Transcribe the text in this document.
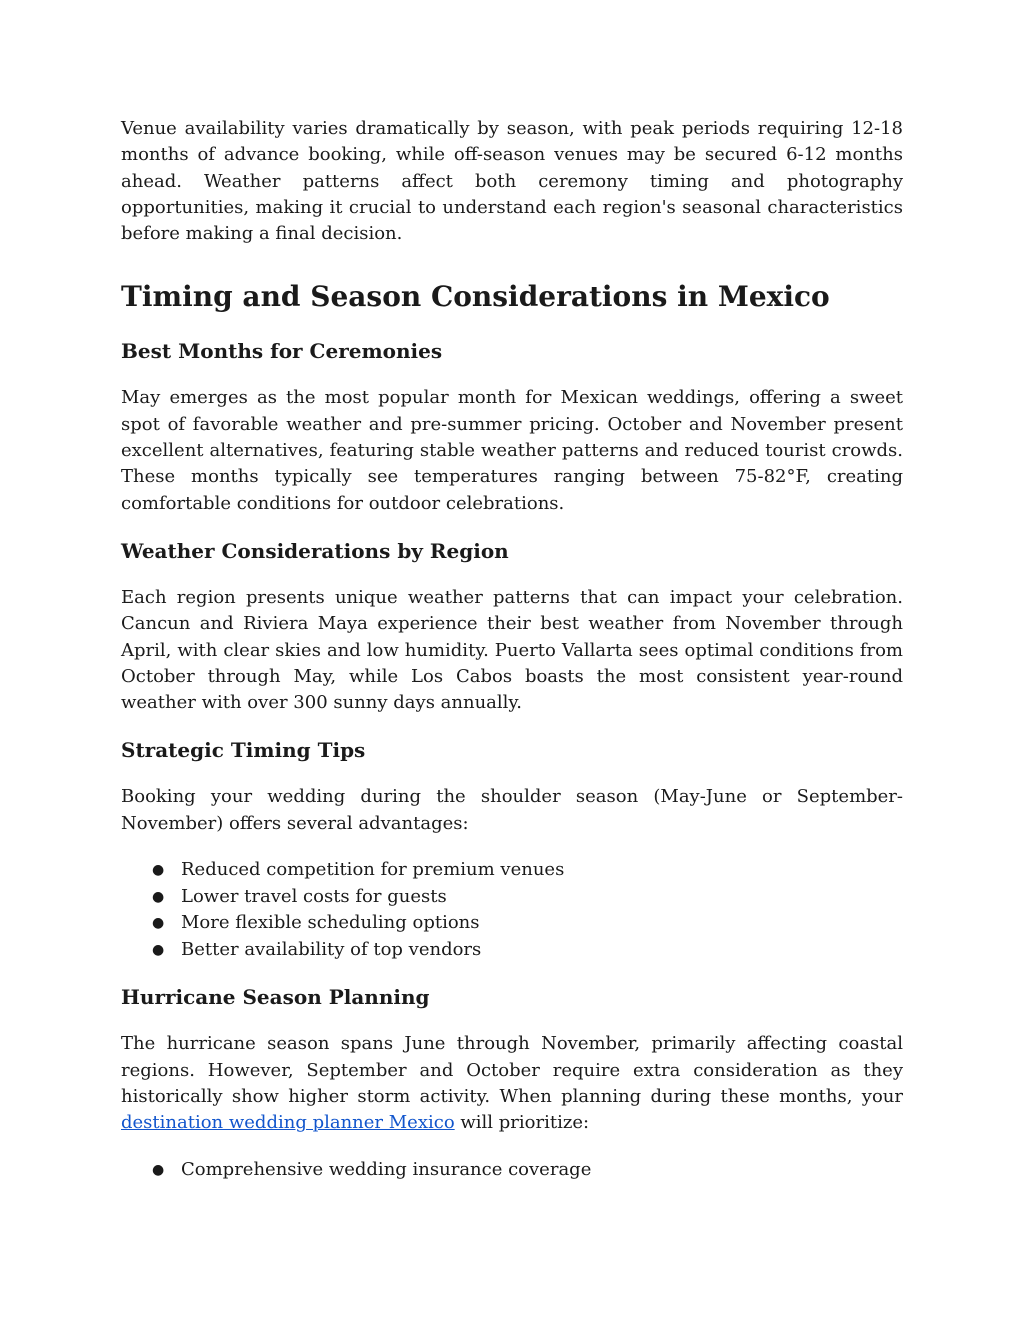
Venue availability varies dramatically by season, with peak periods requiring 12-18 months of advance booking, while off-season venues may be secured 6-12 months ahead. Weather patterns affect both ceremony timing and photography opportunities, making it crucial to understand each region's seasonal characteristics before making a final decision.

Timing and Season Considerations in Mexico
Best Months for Ceremonies

May emerges as the most popular month for Mexican weddings, offering a sweet spot of favorable weather and pre-summer pricing. October and November present excellent alternatives, featuring stable weather patterns and reduced tourist crowds. These months typically see temperatures ranging between 75-82°F, creating comfortable conditions for outdoor celebrations.

Weather Considerations by Region

Each region presents unique weather patterns that can impact your celebration. Cancun and Riviera Maya experience their best weather from November through April, with clear skies and low humidity. Puerto Vallarta sees optimal conditions from October through May, while Los Cabos boasts the most consistent year-round weather with over 300 sunny days annually.

Strategic Timing Tips

Booking your wedding during the shoulder season (May-June or September-November) offers several advantages:

● Reduced competition for premium venues
● Lower travel costs for guests
● More flexible scheduling options
● Better availability of top vendors
Hurricane Season Planning

The hurricane season spans June through November, primarily affecting coastal regions. However, September and October require extra consideration as they historically show higher storm activity. When planning during these months, your destination wedding planner Mexico will prioritize:

● Comprehensive wedding insurance coverage
